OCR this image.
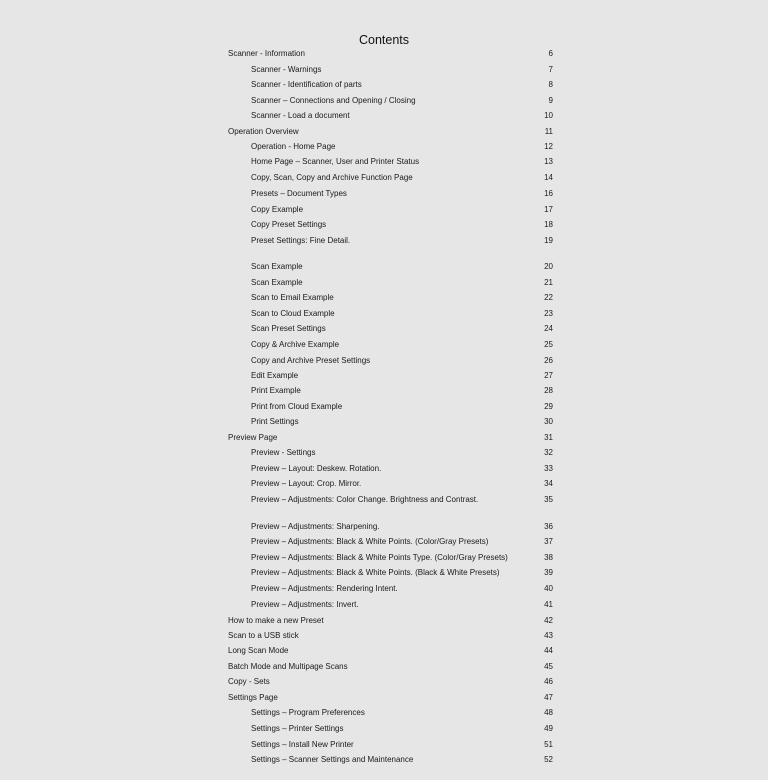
Contents
Scanner - Information	6
Scanner - Warnings	7
Scanner - Identification of parts	8
Scanner – Connections and Opening / Closing	9
Scanner - Load a document	10
Operation Overview	11
Operation - Home Page	12
Home Page – Scanner, User and Printer Status	13
Copy, Scan, Copy and Archive Function Page	14
Presets – Document Types	16
Copy Example	17
Copy Preset Settings	18
Preset Settings: Fine Detail.	19
Scan Example	20
Scan Example	21
Scan to Email Example	22
Scan to Cloud Example	23
Scan Preset Settings	24
Copy & Archive Example	25
Copy and Archive Preset Settings	26
Edit Example	27
Print Example	28
Print from Cloud Example	29
Print Settings	30
Preview Page	31
Preview - Settings	32
Preview – Layout: Deskew. Rotation.	33
Preview – Layout: Crop. Mirror.	34
Preview – Adjustments: Color Change. Brightness and Contrast.	35
Preview – Adjustments: Sharpening.	36
Preview – Adjustments: Black & White Points. (Color/Gray Presets)	37
Preview – Adjustments: Black & White Points Type. (Color/Gray Presets)	38
Preview – Adjustments: Black & White Points. (Black & White Presets)	39
Preview – Adjustments: Rendering Intent.	40
Preview – Adjustments: Invert.	41
How to make a new Preset	42
Scan to a USB stick	43
Long Scan Mode	44
Batch Mode and Multipage Scans	45
Copy - Sets	46
Settings Page	47
Settings – Program Preferences	48
Settings – Printer Settings	49
Settings – Install New Printer	51
Settings – Scanner Settings and Maintenance	52
